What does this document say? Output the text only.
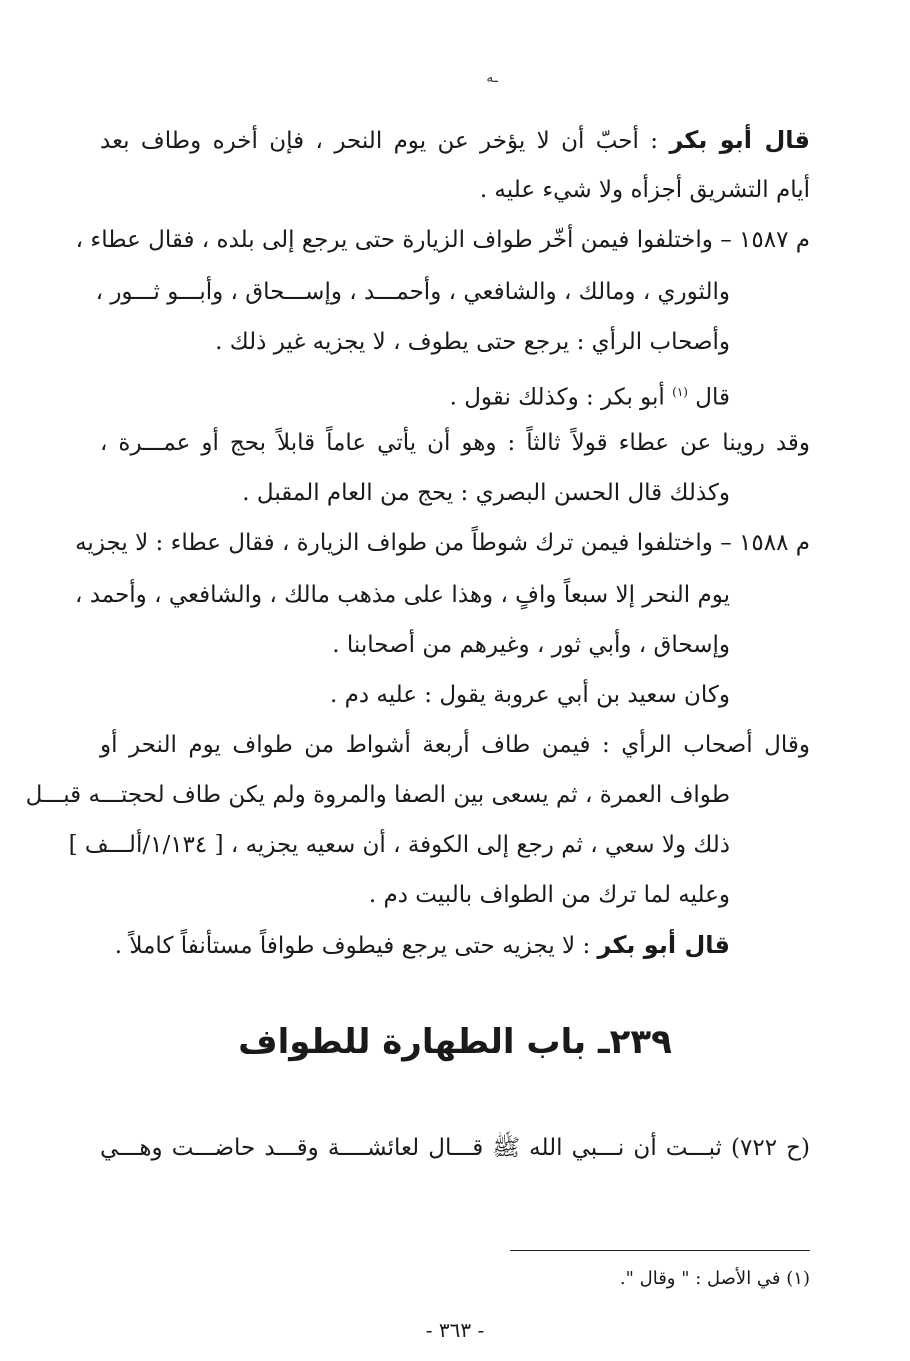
ـه
قال أبو بكر : أحبّ أن لا يؤخر عن يوم النحر ، فإن أخره وطاف بعد
أيام التشريق أجزأه ولا شيء عليه .
م ١٥٨٧ – واختلفوا فيمن أخّر طواف الزيارة حتى يرجع إلى بلده ، فقال عطاء ،
والثوري ، ومالك ، والشافعي ، وأحمـــد ، وإســـحاق ، وأبـــو ثـــور ،
وأصحاب الرأي : يرجع حتى يطوف ، لا يجزيه غير ذلك .
قال $^{(١)}$ أبو بكر : وكذلك نقول .
وقد روينا عن عطاء قولاً ثالثاً : وهو أن يأتي عاماً قابلاً بحج أو عمـــرة ،
وكذلك قال الحسن البصري : يحج من العام المقبل .
م ١٥٨٨ – واختلفوا فيمن ترك شوطاً من طواف الزيارة ، فقال عطاء : لا يجزيه
يوم النحر إلا سبعاً وافٍ ، وهذا على مذهب مالك ، والشافعي ، وأحمد ،
وإسحاق ، وأبي ثور ، وغيرهم من أصحابنا .
وكان سعيد بن أبي عروبة يقول : عليه دم .
وقال أصحاب الرأي : فيمن طاف أربعة أشواط من طواف يوم النحر أو
طواف العمرة ، ثم يسعى بين الصفا والمروة ولم يكن طاف لحجتـــه قبـــل
ذلك ولا سعي ، ثم رجع إلى الكوفة ، أن سعيه يجزيه ، [ ١/١٣٤/ألـــف ]
وعليه لما ترك من الطواف بالبيت دم .
قال أبو بكر : لا يجزيه حتى يرجع فيطوف طوافاً مستأنفاً كاملاً .
٢٣٩ـ باب الطهارة للطواف
(ح ٧٢٢) ثبـــت أن نـــبي الله ﷺ قـــال لعائشــــة وقـــد حاضـــت وهـــي
(١) في الأصل : " وقال ".
- ٣٦٣ -
